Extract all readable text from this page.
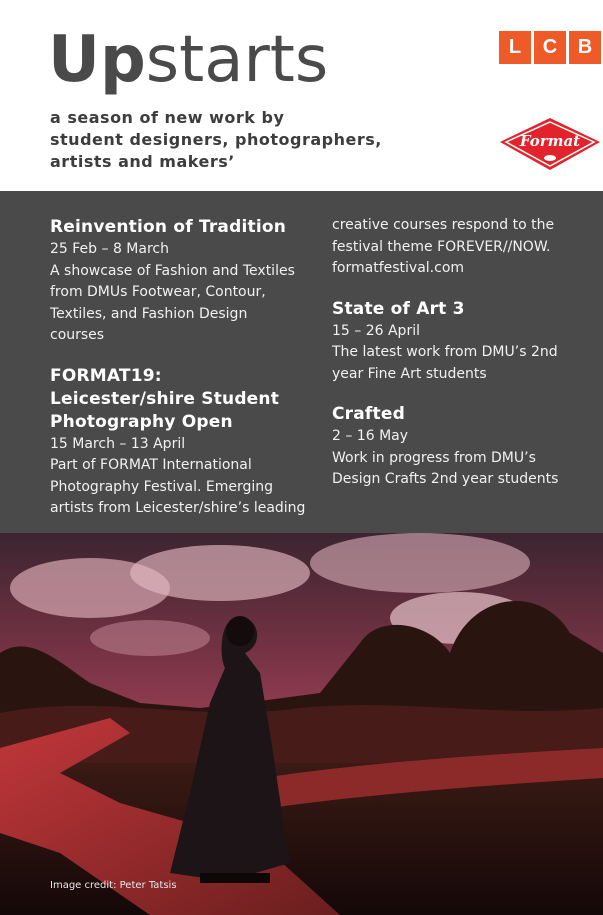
Upstarts
a season of new work by
student designers, photographers,
artists and makers’
L	C	B
Format
Reinvention of Tradition
25 Feb – 8 March
A showcase of Fashion and Textiles
from DMUs Footwear, Contour,
Textiles, and Fashion Design
courses
FORMAT19:
Leicester/shire Student
Photography Open
15 March – 13 April
Part of FORMAT International
Photography Festival. Emerging
artists from Leicester/shire’s leading
creative courses respond to the
festival theme FOREVER//NOW.
formatfestival.com
State of Art 3
15 – 26 April
The latest work from DMU’s 2nd
year Fine Art students
Crafted
2 – 16 May
Work in progress from DMU’s
Design Crafts 2nd year students
Image credit: Peter Tatsis
